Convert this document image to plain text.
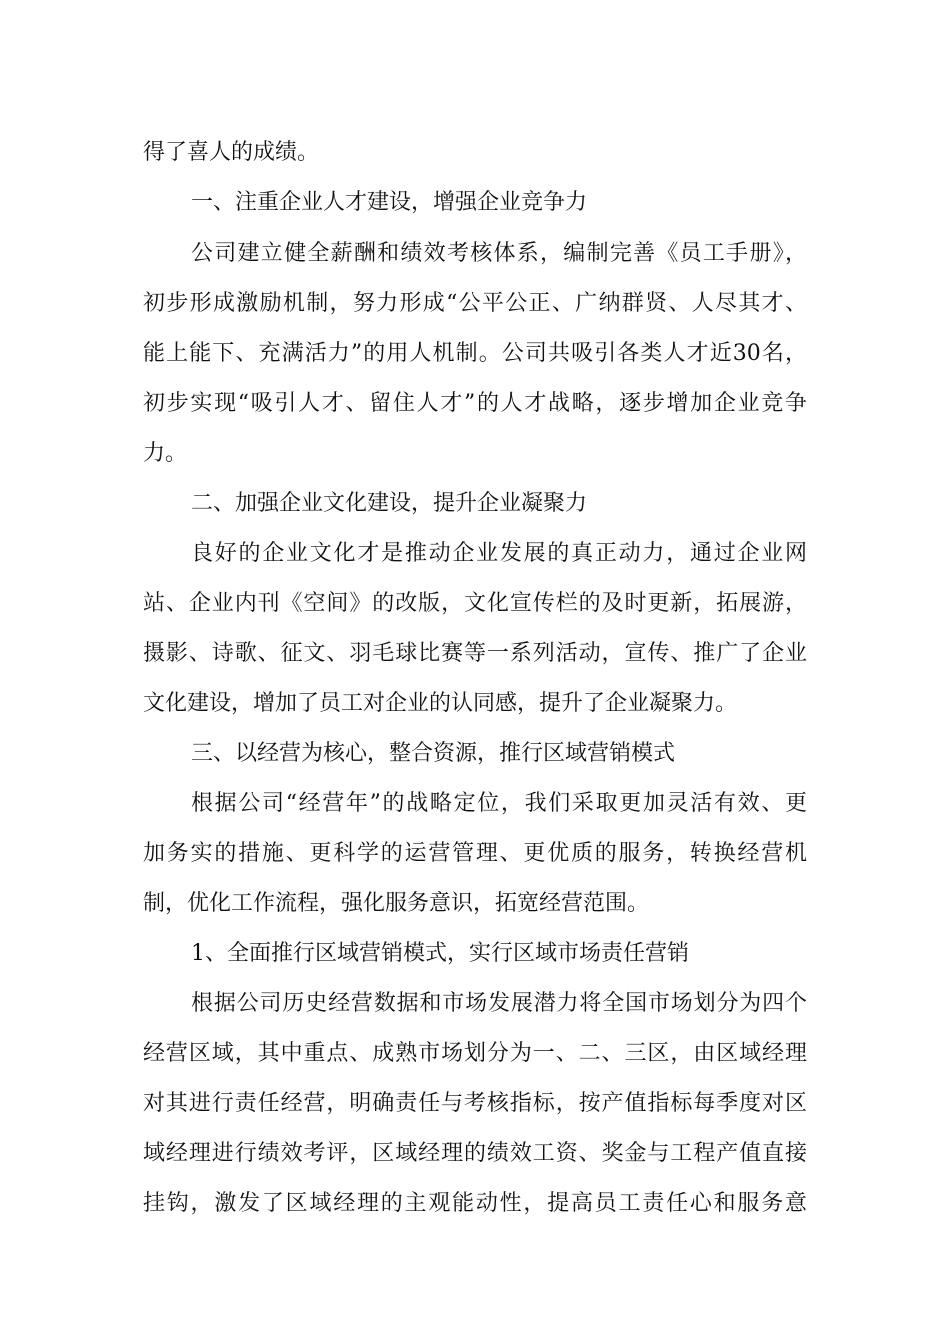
得了喜人的成绩。
一、注重企业人才建设，增强企业竞争力
公司建立健全薪酬和绩效考核体系，编制完善《员工手册》，
初步形成激励机制，努力形成“公平公正、广纳群贤、人尽其才、
能上能下、充满活力”的用人机制。公司共吸引各类人才近30名，
初步实现“吸引人才、留住人才”的人才战略，逐步增加企业竞争
力。
二、加强企业文化建设，提升企业凝聚力
良好的企业文化才是推动企业发展的真正动力，通过企业网
站、企业内刊《空间》的改版，文化宣传栏的及时更新，拓展游，
摄影、诗歌、征文、羽毛球比赛等一系列活动，宣传、推广了企业
文化建设，增加了员工对企业的认同感，提升了企业凝聚力。
三、以经营为核心，整合资源，推行区域营销模式
根据公司“经营年”的战略定位，我们采取更加灵活有效、更
加务实的措施、更科学的运营管理、更优质的服务，转换经营机
制，优化工作流程，强化服务意识，拓宽经营范围。
1、全面推行区域营销模式，实行区域市场责任营销
根据公司历史经营数据和市场发展潜力将全国市场划分为四个
经营区域，其中重点、成熟市场划分为一、二、三区，由区域经理
对其进行责任经营，明确责任与考核指标，按产值指标每季度对区
域经理进行绩效考评，区域经理的绩效工资、奖金与工程产值直接
挂钩，激发了区域经理的主观能动性，提高员工责任心和服务意
